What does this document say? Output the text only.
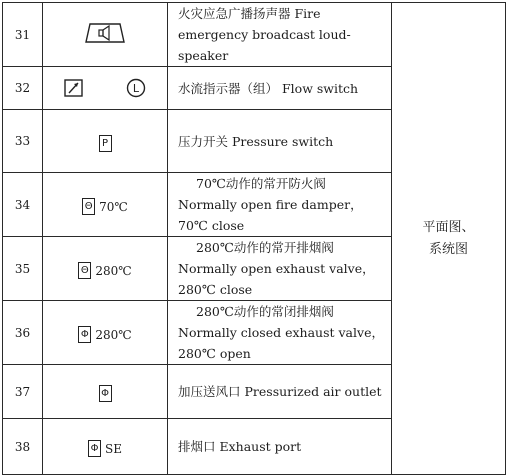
31		火灾应急广播扬声器 Fire emergency broadcast loud-speaker	平面图、
系统图

32	L	水流指示器（组） Flow switch	
33	P	压力开关 Pressure switch	
34	Θ 70℃	70℃动作的常开防火阀 Normally open fire damper，70℃ close	
35	Θ 280℃	280℃动作的常开排烟阀 Normally open exhaust valve，280℃ close	
36	Φ 280℃	280℃动作的常闭排烟阀 Normally closed exhaust valve，280℃ open	
37	Φ	加压送风口 Pressurized air outlet	
38	Φ SE	排烟口 Exhaust port	
